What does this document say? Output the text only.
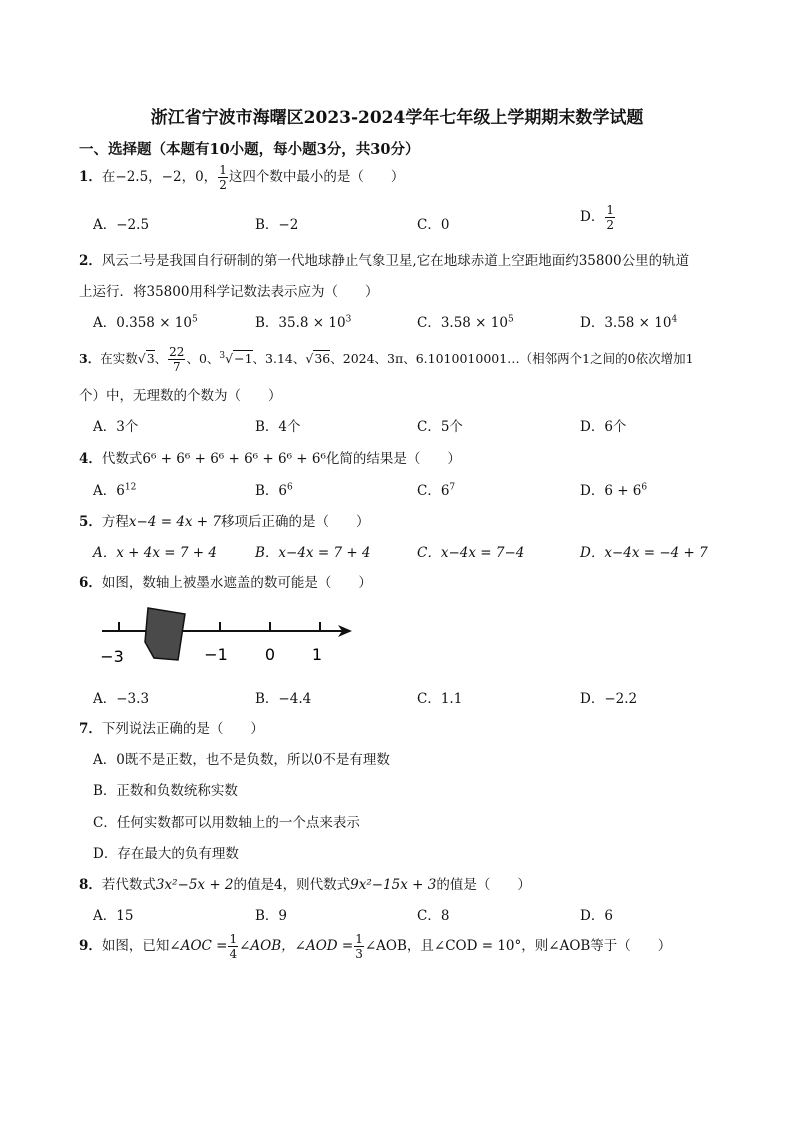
浙江省宁波市海曙区2023-2024学年七年级上学期期末数学试题
一、选择题（本题有10小题，每小题3分，共30分）
1．在−2.5，−2，0， $\frac{1}{2}$ 这四个数中最小的是（　　）
A．−2.5	B．−2	C．0	D． $\frac{1}{2}$
2．风云二号是我国自行研制的第一代地球静止气象卫星,它在地球赤道上空距地面约35800公里的轨道
上运行．将35800用科学记数法表示应为（　　）
A．$0.358 \times 10^5$	B．$35.8 \times 10^3$	C．$3.58 \times 10^5$	D．$3.58 \times 10^4$
3．在实数√3、 $\frac{22}{7}$ 、0、$^3$√−1、3.14、√36、2024、3π、6.1010010001…（相邻两个1之间的0依次增加1
个）中，无理数的个数为（　　）
A．3个	B．4个	C．5个	D．6个
4．代数式6⁶ + 6⁶ + 6⁶ + 6⁶ + 6⁶ + 6⁶化简的结果是（　　）
A．$6^{12}$	B．$6^6$	C．$6^7$	D．$6 + 6^6$
5．方程x−4 = 4x + 7移项后正确的是（　　）
A．x + 4x = 7 + 4	B．x−4x = 7 + 4	C．x−4x = 7−4	D．x−4x = −4 + 7
6．如图，数轴上被墨水遮盖的数可能是（　　）
−3	−1 0 1
A．−3.3	B．−4.4	C．1.1	D．−2.2
7．下列说法正确的是（　　）
A．0既不是正数，也不是负数，所以0不是有理数
B．正数和负数统称实数
C．任何实数都可以用数轴上的一个点来表示
D．存在最大的负有理数
8．若代数式3x²−5x + 2的值是4，则代数式9x²−15x + 3的值是（　　）
A．15	B．9	C．8	D．6
9．如图，已知∠AOC = $\frac{1}{4}$ ∠AOB，∠AOD = $\frac{1}{3}$ ∠AOB，且∠COD = 10°，则∠AOB等于（　　）
